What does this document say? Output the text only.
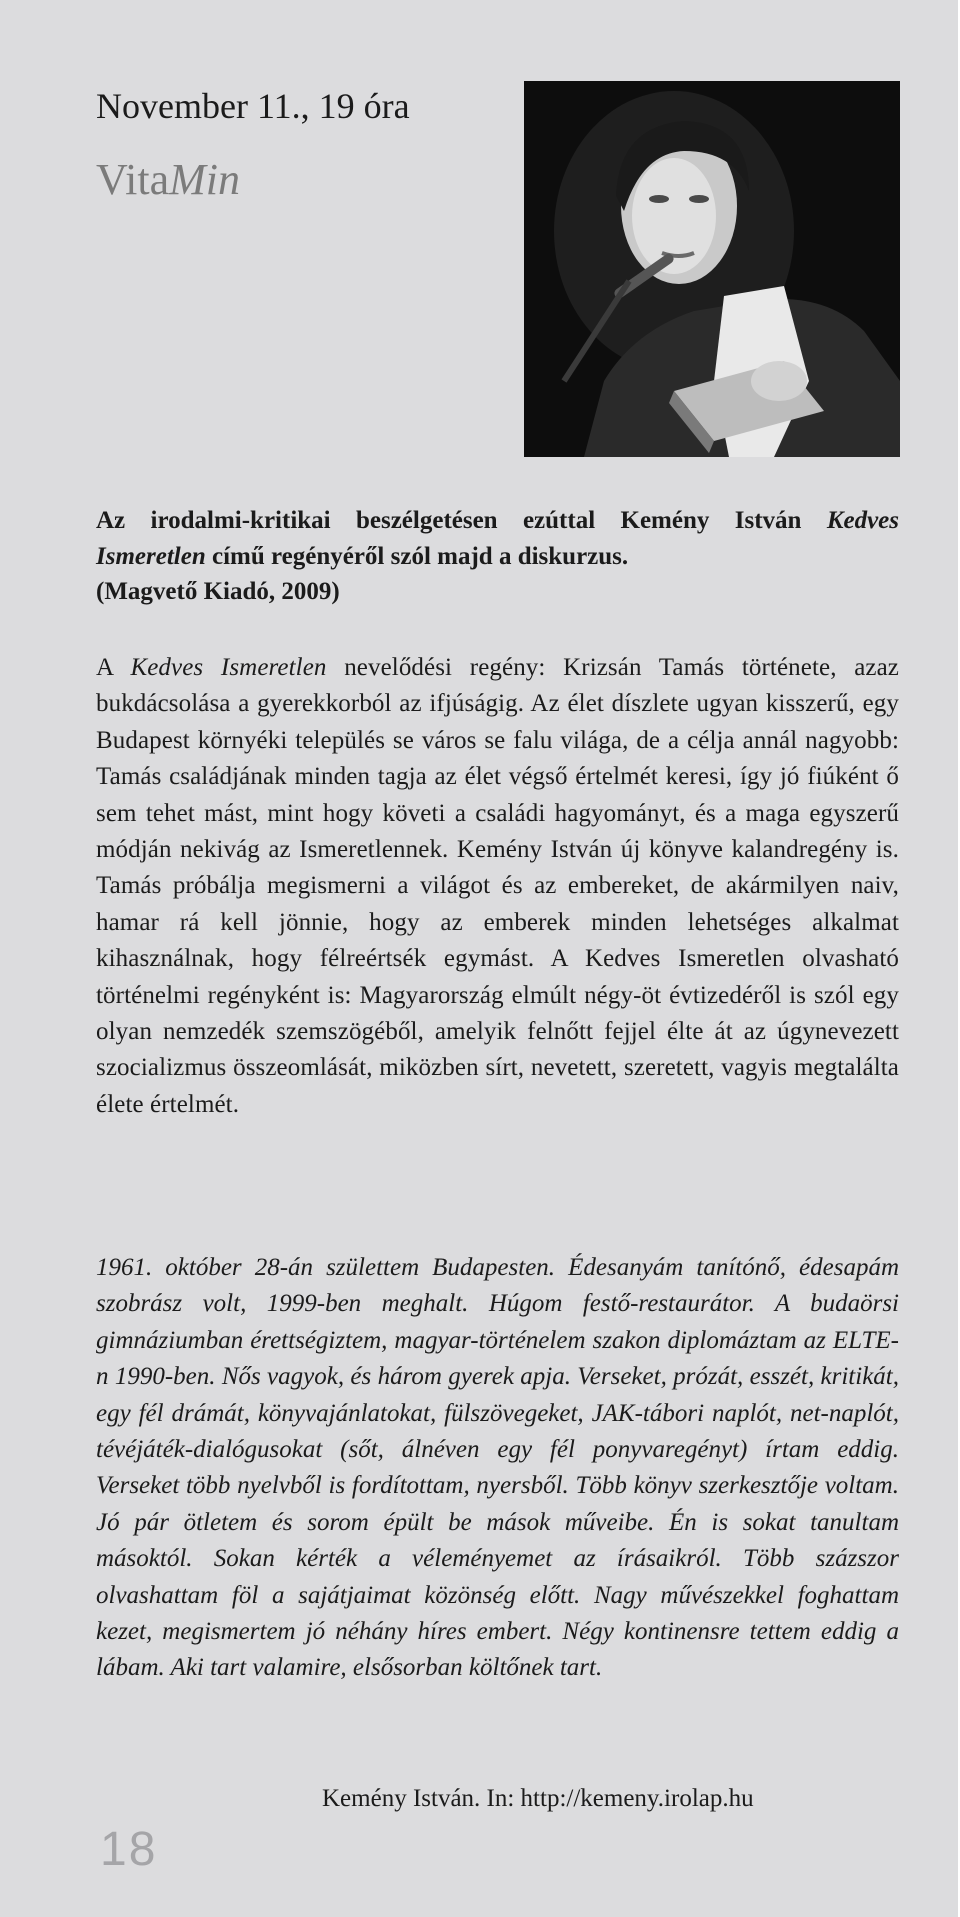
November 11., 19 óra
VitaMin
Az irodalmi-kritikai beszélgetésen ezúttal Kemény István Kedves Ismeretlen című regényéről szól majd a diskurzus.
(Magvető Kiadó, 2009)
A Kedves Ismeretlen nevelődési regény: Krizsán Tamás története, azaz bukdácsolása a gyerekkorból az ifjúságig. Az élet díszlete ugyan kisszerű, egy Budapest környéki település se város se falu világa, de a célja annál nagyobb: Tamás családjának minden tagja az élet végső értelmét keresi, így jó fiúként ő sem tehet mást, mint hogy követi a családi hagyományt, és a maga egyszerű módján nekivág az Ismeretlennek. Kemény István új könyve kalandregény is. Tamás próbálja megismerni a világot és az embereket, de akármilyen naiv, hamar rá kell jönnie, hogy az emberek minden lehetséges alkalmat kihasználnak, hogy félreértsék egymást. A Kedves Ismeretlen olvasható történelmi regényként is: Magyarország elmúlt négy-öt évtizedéről is szól egy olyan nemzedék szemszögéből, amelyik felnőtt fejjel élte át az úgynevezett szocializmus összeomlását, miközben sírt, nevetett, szeretett, vagyis megtalálta élete értelmét.
1961. október 28-án születtem Budapesten. Édesanyám tanítónő, édesapám szobrász volt, 1999-ben meghalt. Húgom festő-restaurátor. A budaörsi gimnáziumban érettségiztem, magyar-történelem szakon diplomáztam az ELTE-n 1990-ben. Nős vagyok, és három gyerek apja. Verseket, prózát, esszét, kritikát, egy fél drámát, könyvajánlatokat, fülszövegeket, JAK-tábori naplót, net-naplót, tévéjáték-dialógusokat (sőt, álnéven egy fél ponyvaregényt) írtam eddig. Verseket több nyelvből is fordítottam, nyersből. Több könyv szerkesztője voltam. Jó pár ötletem és sorom épült be mások műveibe. Én is sokat tanultam másoktól. Sokan kérték a véleményemet az írásaikról. Több százszor olvashattam föl a sajátjaimat közönség előtt. Nagy művészekkel foghattam kezet, megismertem jó néhány híres embert. Négy kontinensre tettem eddig a lábam. Aki tart valamire, elsősorban költőnek tart.
Kemény István. In: http://kemeny.irolap.hu
18
